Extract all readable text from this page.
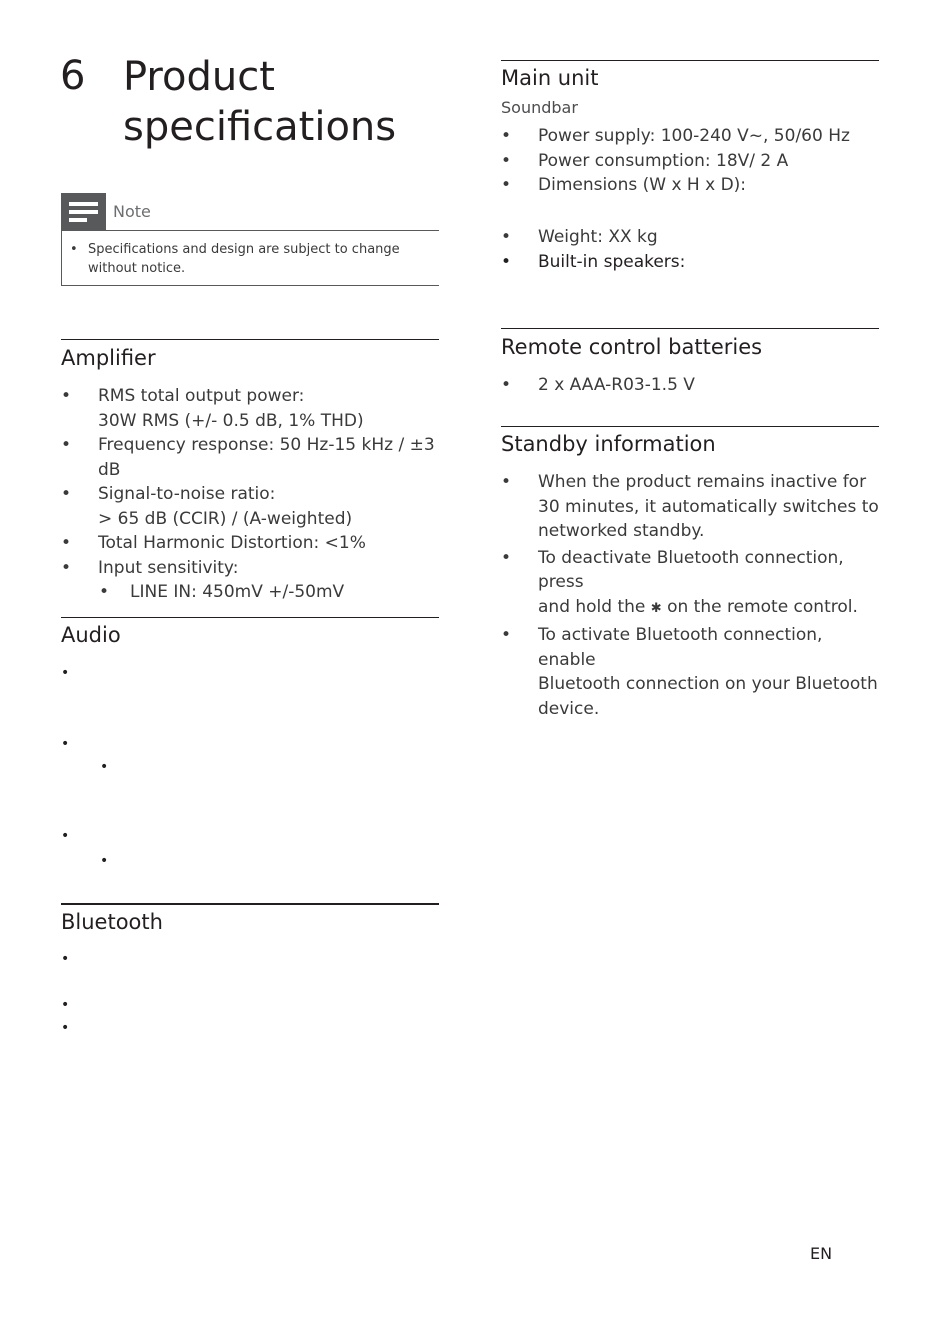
6 Product
specifications
Note
• Specifications and design are subject to change without notice.
Amplifier
• RMS total output power:
30W RMS (+/- 0.5 dB, 1% THD)
• Frequency response: 50 Hz-15 kHz / ±3 dB
• Signal-to-noise ratio:
> 65 dB (CCIR) / (A-weighted)
• Total Harmonic Distortion: <1%
• Input sensitivity:
• LINE IN: 450mV +/-50mV
Audio
•
•
•
•
•
Bluetooth
•
•
•
Main unit
Soundbar
• Power supply: 100-240 V~, 50/60 Hz
• Power consumption: 18V/ 2 A
• Dimensions (W x H x D):
• Weight: XX kg
• Built-in speakers:
Remote control batteries
• 2 x AAA-R03-1.5 V
Standby information
• When the product remains inactive for
30 minutes, it automatically switches to
networked standby.
• To deactivate Bluetooth connection, press
and hold the ✱ on the remote control.
• To activate Bluetooth connection, enable
Bluetooth connection on your Bluetooth
device.
EN
